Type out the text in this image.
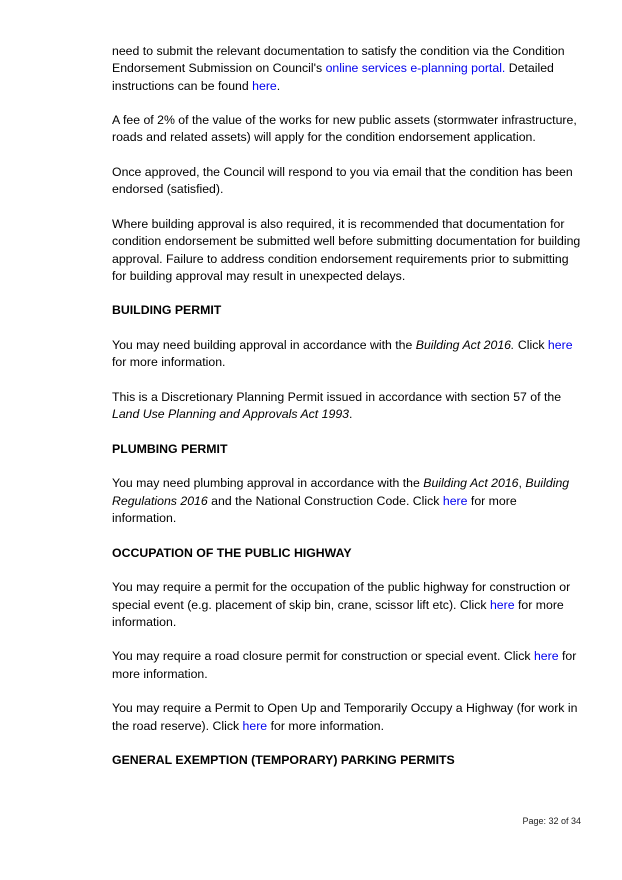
need to submit the relevant documentation to satisfy the condition via the Condition Endorsement Submission on Council's online services e-planning portal. Detailed instructions can be found here.

A fee of 2% of the value of the works for new public assets (stormwater infrastructure, roads and related assets) will apply for the condition endorsement application.

Once approved, the Council will respond to you via email that the condition has been endorsed (satisfied).

Where building approval is also required, it is recommended that documentation for condition endorsement be submitted well before submitting documentation for building approval. Failure to address condition endorsement requirements prior to submitting for building approval may result in unexpected delays.

BUILDING PERMIT

You may need building approval in accordance with the Building Act 2016. Click here for more information.

This is a Discretionary Planning Permit issued in accordance with section 57 of the Land Use Planning and Approvals Act 1993.

PLUMBING PERMIT

You may need plumbing approval in accordance with the Building Act 2016, Building Regulations 2016 and the National Construction Code. Click here for more information.

OCCUPATION OF THE PUBLIC HIGHWAY

You may require a permit for the occupation of the public highway for construction or special event (e.g. placement of skip bin, crane, scissor lift etc). Click here for more information.

You may require a road closure permit for construction or special event. Click here for more information.

You may require a Permit to Open Up and Temporarily Occupy a Highway (for work in the road reserve). Click here for more information.

GENERAL EXEMPTION (TEMPORARY) PARKING PERMITS
Page: 32 of 34
